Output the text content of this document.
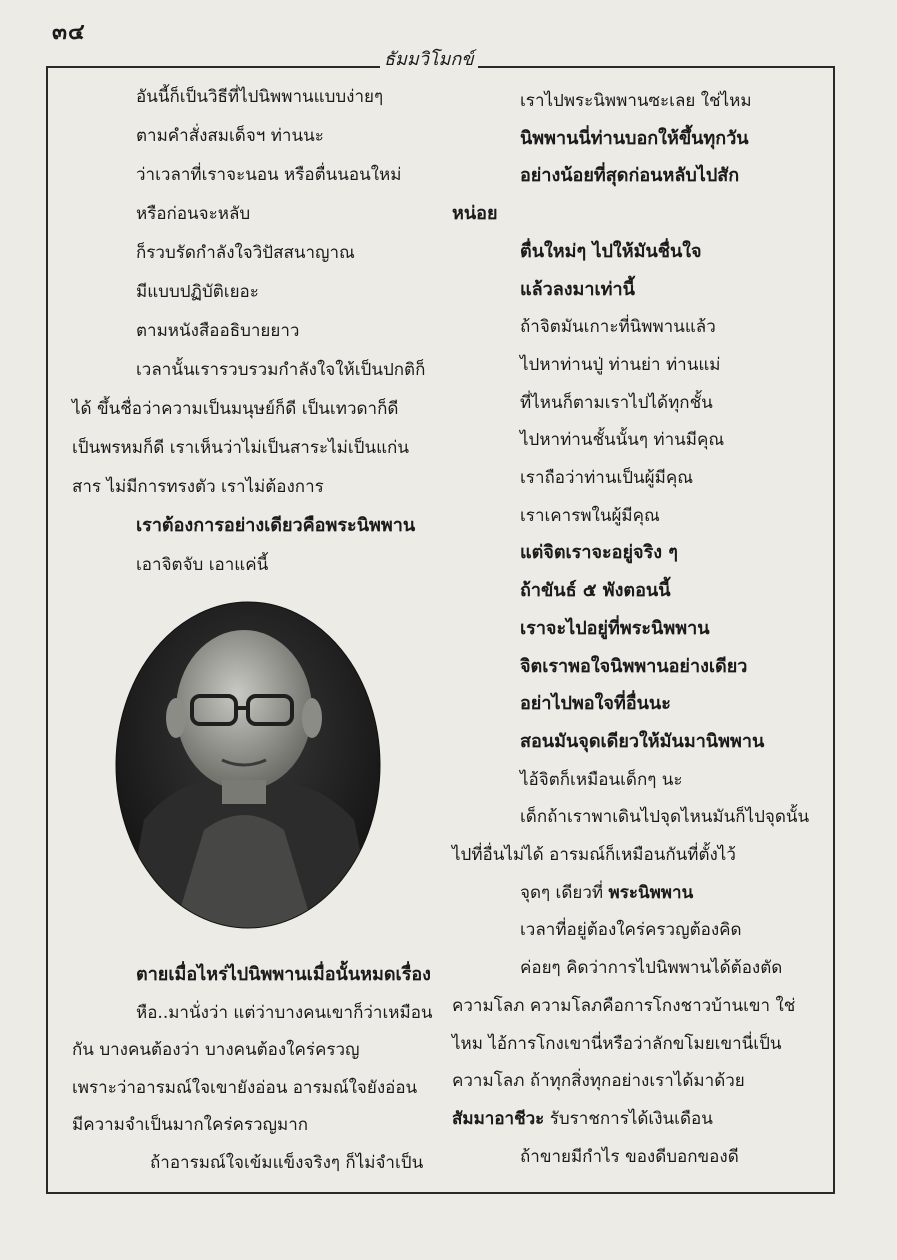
๓๔
ธัมมวิโมกข์
อันนี้ก็เป็นวิธีที่ไปนิพพานแบบง่ายๆ
ตามคำสั่งสมเด็จฯ ท่านนะ
ว่าเวลาที่เราจะนอน หรือตื่นนอนใหม่
หรือก่อนจะหลับ
ก็รวบรัดกำลังใจวิปัสสนาญาณ
มีแบบปฏิบัติเยอะ
ตามหนังสืออธิบายยาว
เวลานั้นเรารวบรวมกำลังใจให้เป็นปกติก็
ได้ ขึ้นชื่อว่าความเป็นมนุษย์ก็ดี เป็นเทวดาก็ดี
เป็นพรหมก็ดี เราเห็นว่าไม่เป็นสาระไม่เป็นแก่น
สาร ไม่มีการทรงตัว เราไม่ต้องการ
เราต้องการอย่างเดียวคือพระนิพพาน
เอาจิตจับ เอาแค่นี้
ตายเมื่อไหร่ไปนิพพานเมื่อนั้นหมดเรื่อง
หือ..มานั่งว่า แต่ว่าบางคนเขาก็ว่าเหมือน
กัน บางคนต้องว่า บางคนต้องใคร่ครวญ
เพราะว่าอารมณ์ใจเขายังอ่อน อารมณ์ใจยังอ่อน
มีความจำเป็นมากใคร่ครวญมาก
ถ้าอารมณ์ใจเข้มแข็งจริงๆ ก็ไม่จำเป็น
เราไปพระนิพพานซะเลย ใช่ไหม
นิพพานนี่ท่านบอกให้ขึ้นทุกวัน
อย่างน้อยที่สุดก่อนหลับไปสัก
หน่อย
ตื่นใหม่ๆ ไปให้มันชื่นใจ
แล้วลงมาเท่านี้
ถ้าจิตมันเกาะที่นิพพานแล้ว
ไปหาท่านปู่ ท่านย่า ท่านแม่
ที่ไหนก็ตามเราไปได้ทุกชั้น
ไปหาท่านชั้นนั้นๆ ท่านมีคุณ
เราถือว่าท่านเป็นผู้มีคุณ
เราเคารพในผู้มีคุณ
แต่จิตเราจะอยู่จริง ๆ
ถ้าขันธ์ ๕ พังตอนนี้
เราจะไปอยู่ที่พระนิพพาน
จิตเราพอใจนิพพานอย่างเดียว
อย่าไปพอใจที่อื่นนะ
สอนมันจุดเดียวให้มันมานิพพาน
ไอ้จิตก็เหมือนเด็กๆ นะ
เด็กถ้าเราพาเดินไปจุดไหนมันก็ไปจุดนั้น
ไปที่อื่นไม่ได้ อารมณ์ก็เหมือนกันที่ตั้งไว้
จุดๆ เดียวที่ พระนิพพาน
เวลาที่อยู่ต้องใคร่ครวญต้องคิด
ค่อยๆ คิดว่าการไปนิพพานได้ต้องตัด
ความโลภ ความโลภคือการโกงชาวบ้านเขา ใช่
ไหม ไอ้การโกงเขานี่หรือว่าลักขโมยเขานี่เป็น
ความโลภ ถ้าทุกสิ่งทุกอย่างเราได้มาด้วย
สัมมาอาชีวะ รับราชการได้เงินเดือน
ถ้าขายมีกำไร ของดีบอกของดี
